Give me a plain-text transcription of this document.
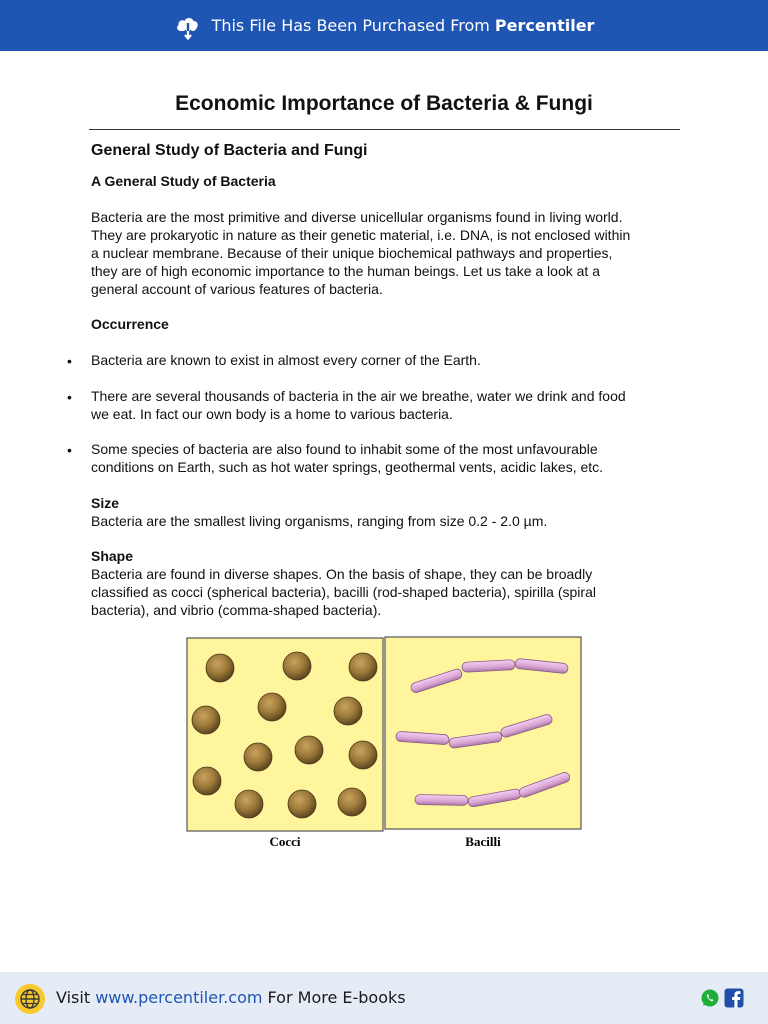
This File Has Been Purchased From Percentiler
Economic Importance of Bacteria & Fungi
General Study of Bacteria and Fungi
A General Study of Bacteria
Bacteria are the most primitive and diverse unicellular organisms found in living world.
They are prokaryotic in nature as their genetic material, i.e. DNA, is not enclosed within
a nuclear membrane. Because of their unique biochemical pathways and properties,
they are of high economic importance to the human beings. Let us take a look at a
general account of various features of bacteria.
Occurrence
• Bacteria are known to exist in almost every corner of the Earth.
• There are several thousands of bacteria in the air we breathe, water we drink and food
we eat. In fact our own body is a home to various bacteria.
• Some species of bacteria are also found to inhabit some of the most unfavourable
conditions on Earth, such as hot water springs, geothermal vents, acidic lakes, etc.
Size
Bacteria are the smallest living organisms, ranging from size 0.2 - 2.0 µm.
Shape
Bacteria are found in diverse shapes. On the basis of shape, they can be broadly
classified as cocci (spherical bacteria), bacilli (rod-shaped bacteria), spirilla (spiral
bacteria), and vibrio (comma-shaped bacteria).
Cocci	Bacilli
Visit www.percentiler.com For More E-books
